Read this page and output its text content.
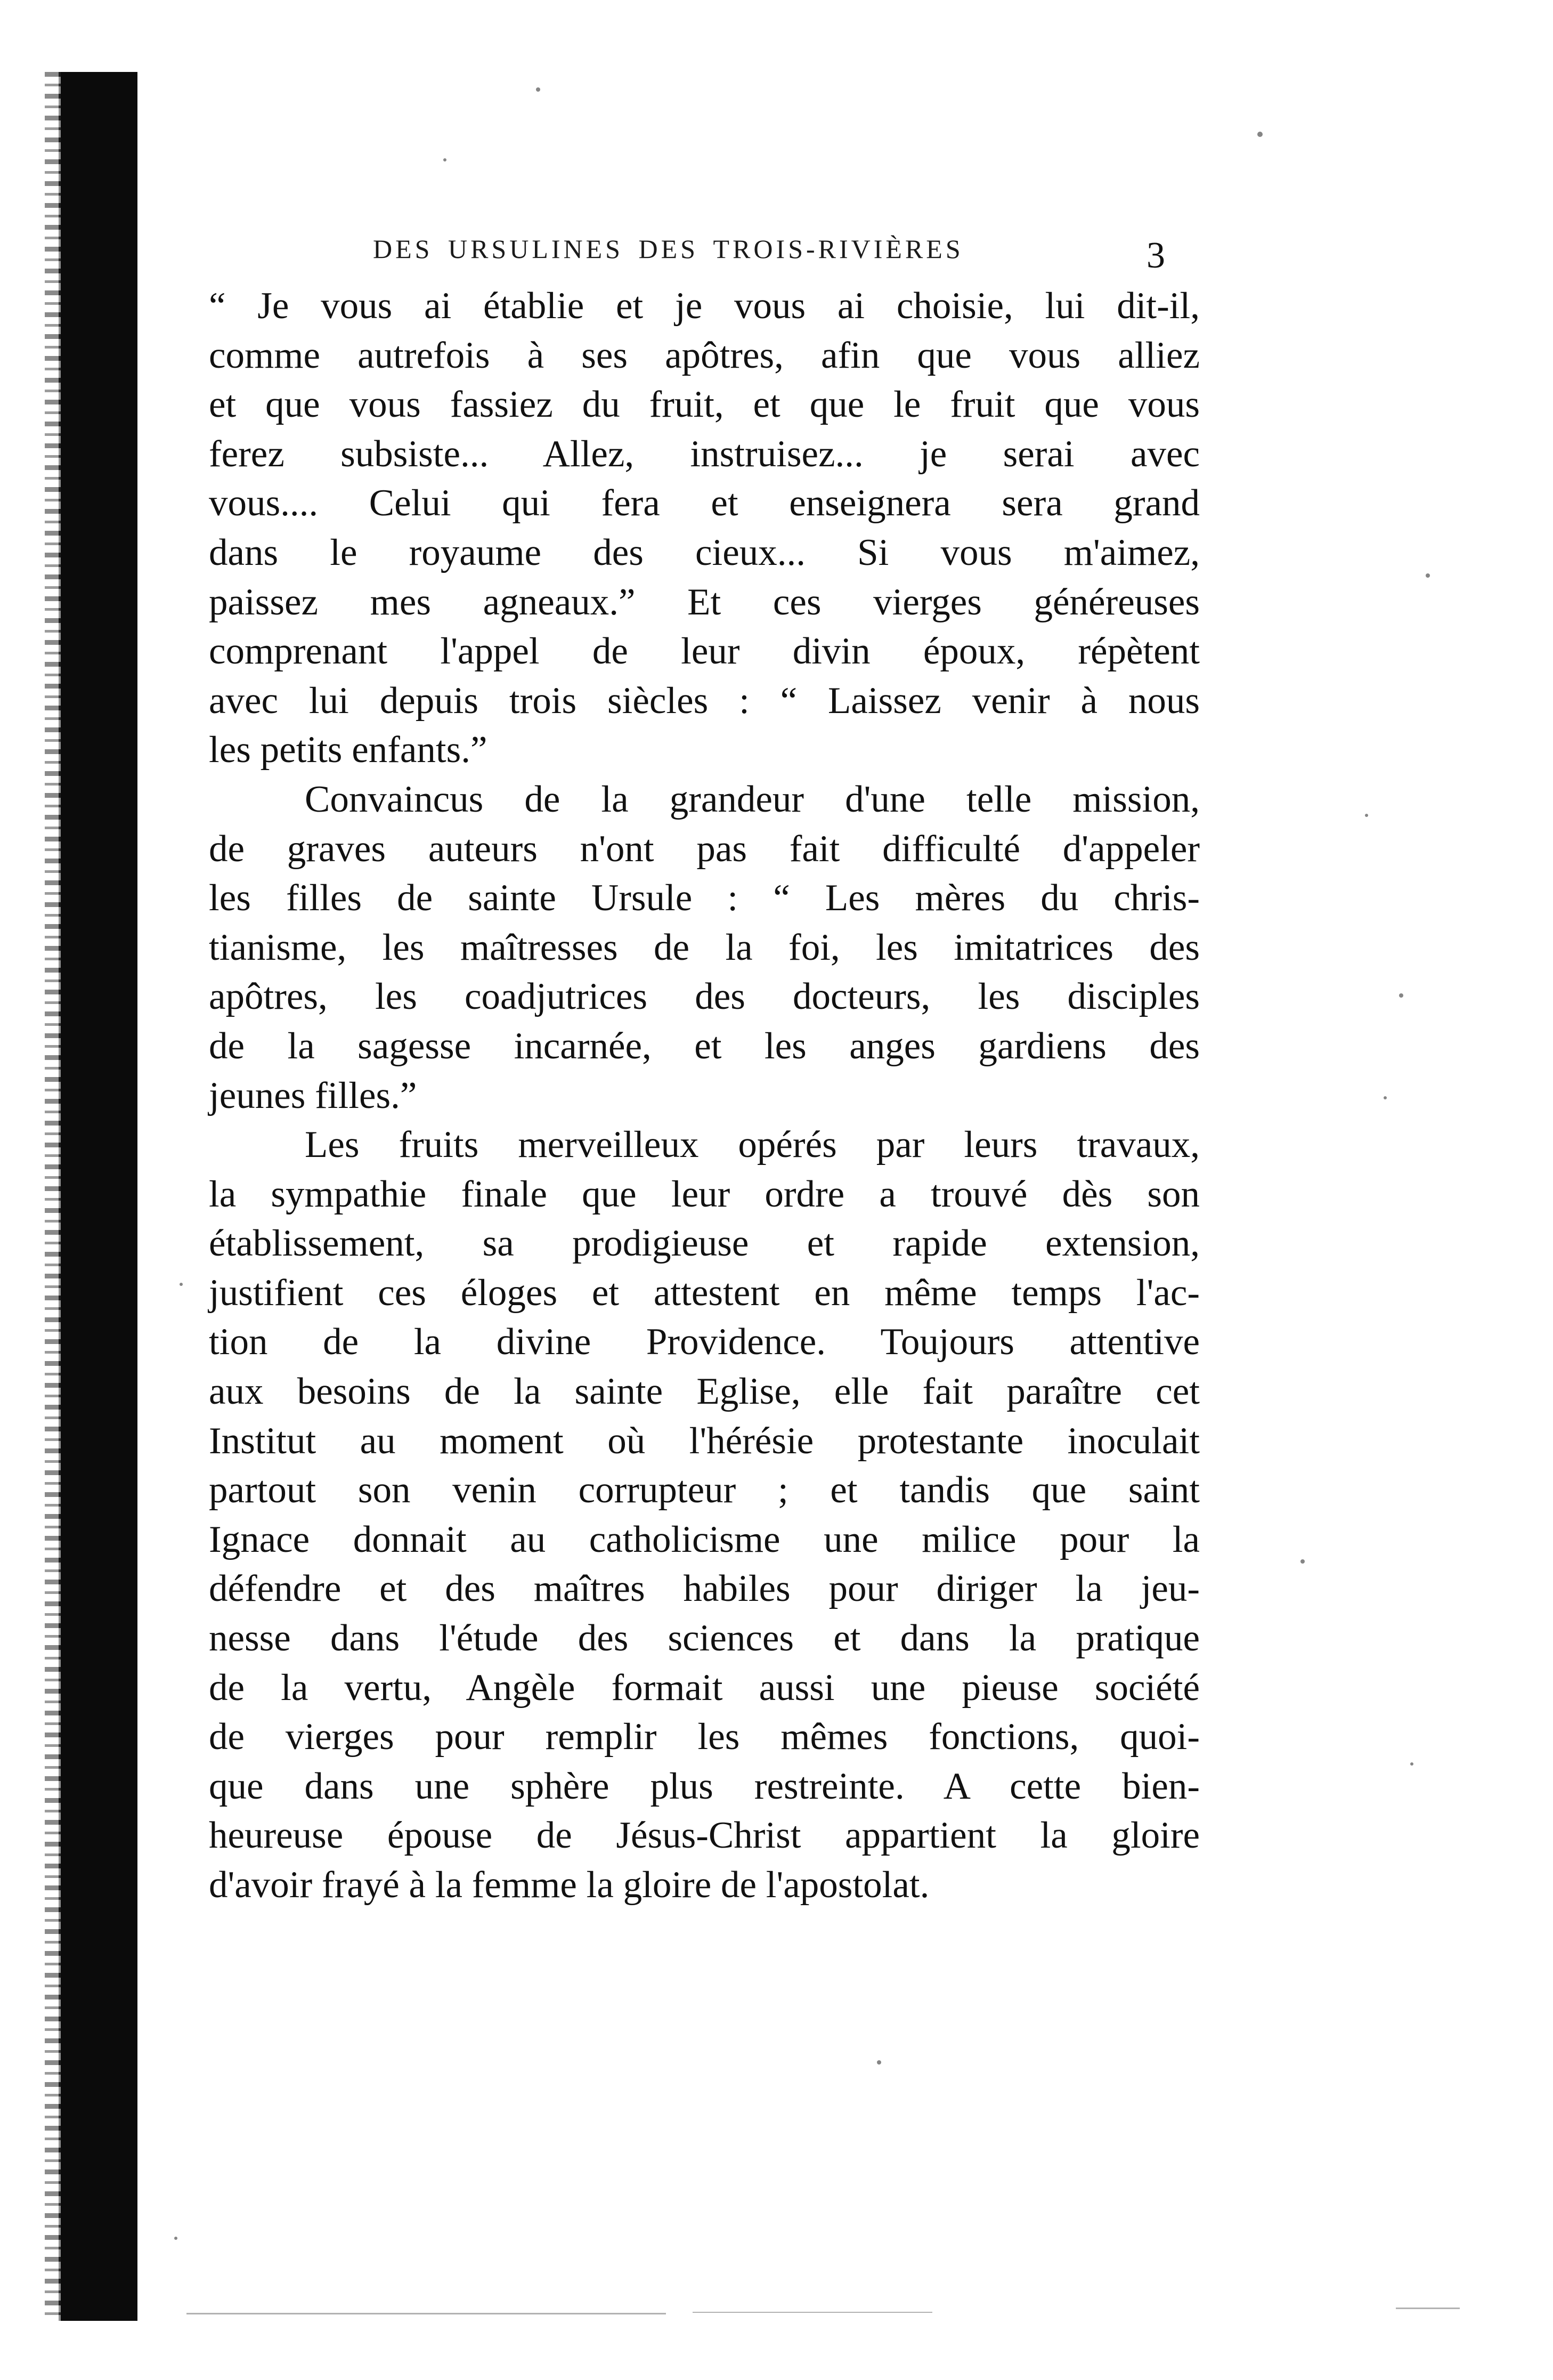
DES URSULINES DES TROIS-RIVIÈRES	3
“ Je vous ai établie et je vous ai choisie, lui dit-il,
comme autrefois à ses apôtres, afin que vous alliez
et que vous fassiez du fruit, et que le fruit que vous
ferez subsiste... Allez, instruisez... je serai avec
vous.... Celui qui fera et enseignera sera grand
dans le royaume des cieux... Si vous m'aimez,
paissez mes agneaux.” Et ces vierges généreuses
comprenant l'appel de leur divin époux, répètent
avec lui depuis trois siècles : “ Laissez venir à nous
les petits enfants.”
Convaincus de la grandeur d'une telle mission,
de graves auteurs n'ont pas fait difficulté d'appeler
les filles de sainte Ursule : “ Les mères du chris-
tianisme, les maîtresses de la foi, les imitatrices des
apôtres, les coadjutrices des docteurs, les disciples
de la sagesse incarnée, et les anges gardiens des
jeunes filles.”
Les fruits merveilleux opérés par leurs travaux,
la sympathie finale que leur ordre a trouvé dès son
établissement, sa prodigieuse et rapide extension,
justifient ces éloges et attestent en même temps l'ac-
tion de la divine Providence. Toujours attentive
aux besoins de la sainte Eglise, elle fait paraître cet
Institut au moment où l'hérésie protestante inoculait
partout son venin corrupteur ; et tandis que saint
Ignace donnait au catholicisme une milice pour la
défendre et des maîtres habiles pour diriger la jeu-
nesse dans l'étude des sciences et dans la pratique
de la vertu, Angèle formait aussi une pieuse société
de vierges pour remplir les mêmes fonctions, quoi-
que dans une sphère plus restreinte. A cette bien-
heureuse épouse de Jésus-Christ appartient la gloire
d'avoir frayé à la femme la gloire de l'apostolat.
